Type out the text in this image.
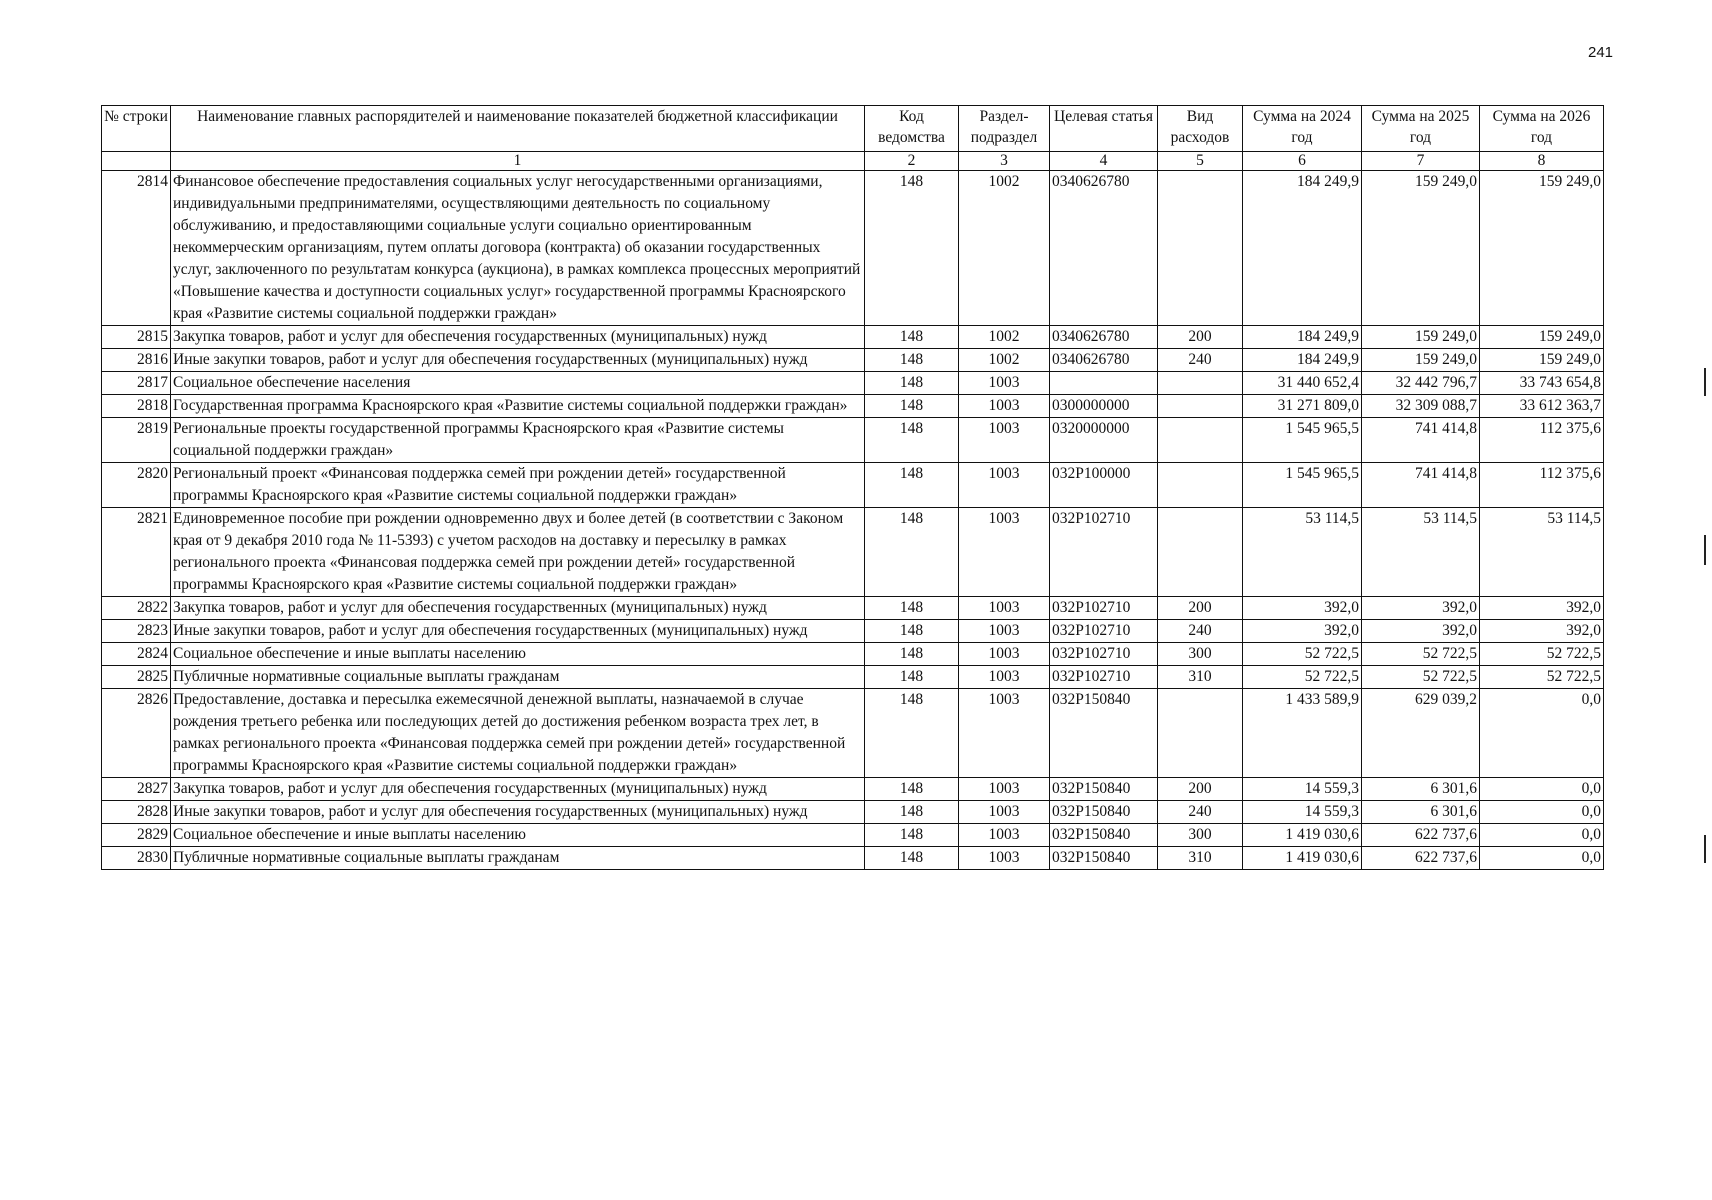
241
№ строки	Наименование главных распорядителей и наименование показателей бюджетной классификации	Код ведомства	Раздел-подраздел	Целевая статья	Вид расходов	Сумма на 2024 год	Сумма на 2025 год	Сумма на 2026 год
	1	2	3	4	5	6	7	8
2814	Финансовое обеспечение предоставления социальных услуг негосударственными организациями, индивидуальными предпринимателями, осуществляющими деятельность по социальному обслуживанию, и предоставляющими социальные услуги социально ориентированным некоммерческим организациям, путем оплаты договора (контракта) об оказании государственных услуг, заключенного по результатам конкурса (аукциона), в рамках комплекса процессных мероприятий «Повышение качества и доступности социальных услуг» государственной программы Красноярского края «Развитие системы социальной поддержки граждан»	148	1002	0340626780		184 249,9	159 249,0	159 249,0
2815	Закупка товаров, работ и услуг для обеспечения государственных (муниципальных) нужд	148	1002	0340626780	200	184 249,9	159 249,0	159 249,0
2816	Иные закупки товаров, работ и услуг для обеспечения государственных (муниципальных) нужд	148	1002	0340626780	240	184 249,9	159 249,0	159 249,0
2817	Социальное обеспечение населения	148	1003			31 440 652,4	32 442 796,7	33 743 654,8
2818	Государственная программа Красноярского края «Развитие системы социальной поддержки граждан»	148	1003	0300000000		31 271 809,0	32 309 088,7	33 612 363,7
2819	Региональные проекты государственной программы Красноярского края «Развитие системы социальной поддержки граждан»	148	1003	0320000000		1 545 965,5	741 414,8	112 375,6
2820	Региональный проект «Финансовая поддержка семей при рождении детей» государственной программы Красноярского края «Развитие системы социальной поддержки граждан»	148	1003	032P100000		1 545 965,5	741 414,8	112 375,6
2821	Единовременное пособие при рождении одновременно двух и более детей (в соответствии с Законом края от 9 декабря 2010 года № 11-5393) с учетом расходов на доставку и пересылку в рамках регионального проекта «Финансовая поддержка семей при рождении детей» государственной программы Красноярского края «Развитие системы социальной поддержки граждан»	148	1003	032P102710		53 114,5	53 114,5	53 114,5
2822	Закупка товаров, работ и услуг для обеспечения государственных (муниципальных) нужд	148	1003	032P102710	200	392,0	392,0	392,0
2823	Иные закупки товаров, работ и услуг для обеспечения государственных (муниципальных) нужд	148	1003	032P102710	240	392,0	392,0	392,0
2824	Социальное обеспечение и иные выплаты населению	148	1003	032P102710	300	52 722,5	52 722,5	52 722,5
2825	Публичные нормативные социальные выплаты гражданам	148	1003	032P102710	310	52 722,5	52 722,5	52 722,5
2826	Предоставление, доставка и пересылка ежемесячной денежной выплаты, назначаемой в случае рождения третьего ребенка или последующих детей до достижения ребенком возраста трех лет, в рамках регионального проекта «Финансовая поддержка семей при рождении детей» государственной программы Красноярского края «Развитие системы социальной поддержки граждан»	148	1003	032P150840		1 433 589,9	629 039,2	0,0
2827	Закупка товаров, работ и услуг для обеспечения государственных (муниципальных) нужд	148	1003	032P150840	200	14 559,3	6 301,6	0,0
2828	Иные закупки товаров, работ и услуг для обеспечения государственных (муниципальных) нужд	148	1003	032P150840	240	14 559,3	6 301,6	0,0
2829	Социальное обеспечение и иные выплаты населению	148	1003	032P150840	300	1 419 030,6	622 737,6	0,0
2830	Публичные нормативные социальные выплаты гражданам	148	1003	032P150840	310	1 419 030,6	622 737,6	0,0
